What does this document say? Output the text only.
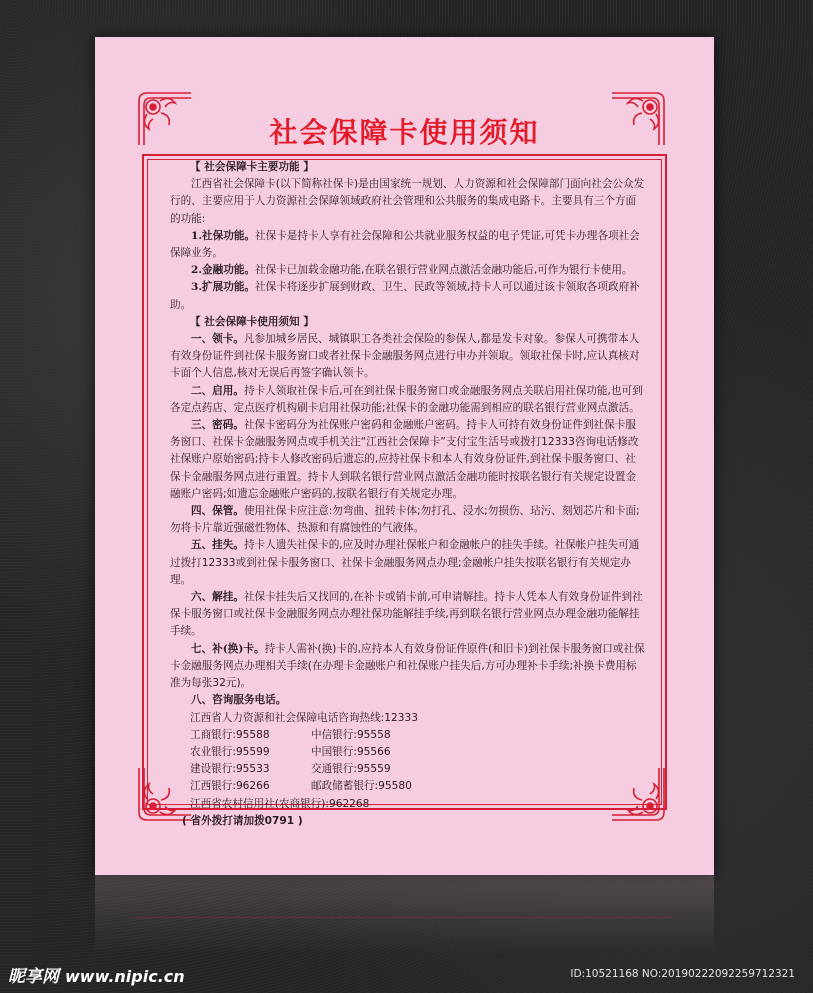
社会保障卡使用须知

【 社会保障卡主要功能 】

江西省社会保障卡(以下简称社保卡)是由国家统一规划、人力资源和社会保障部门面向社会公众发行的、主要应用于人力资源社会保障领域政府社会管理和公共服务的集成电路卡。主要具有三个方面的功能:

1.社保功能。社保卡是持卡人享有社会保障和公共就业服务权益的电子凭证,可凭卡办理各项社会保障业务。

2.金融功能。社保卡已加载金融功能,在联名银行营业网点激活金融功能后,可作为银行卡使用。

3.扩展功能。社保卡将逐步扩展到财政、卫生、民政等领域,持卡人可以通过该卡领取各项政府补助。

【 社会保障卡使用须知 】

一、领卡。凡参加城乡居民、城镇职工各类社会保险的参保人,都是发卡对象。参保人可携带本人有效身份证件到社保卡服务窗口或者社保卡金融服务网点进行申办并领取。领取社保卡时,应认真核对卡面个人信息,核对无误后再签字确认领卡。

二、启用。持卡人领取社保卡后,可在到社保卡服务窗口或金融服务网点关联启用社保功能,也可到各定点药店、定点医疗机构刷卡启用社保功能;社保卡的金融功能需到相应的联名银行营业网点激活。

三、密码。社保卡密码分为社保账户密码和金融账户密码。持卡人可持有效身份证件到社保卡服务窗口、社保卡金融服务网点或手机关注“江西社会保障卡”支付宝生活号或拨打12333咨询电话修改社保账户原始密码;持卡人修改密码后遗忘的,应持社保卡和本人有效身份证件,到社保卡服务窗口、社保卡金融服务网点进行重置。持卡人到联名银行营业网点激活金融功能时按联名银行有关规定设置金融账户密码;如遗忘金融账户密码的,按联名银行有关规定办理。

四、保管。使用社保卡应注意:勿弯曲、扭转卡体;勿打孔、浸水;勿损伤、玷污、刻划芯片和卡面;勿将卡片靠近强磁性物体、热源和有腐蚀性的气液体。

五、挂失。持卡人遗失社保卡的,应及时办理社保帐户和金融帐户的挂失手续。社保帐户挂失可通过拨打12333或到社保卡服务窗口、社保卡金融服务网点办理;金融帐户挂失按联名银行有关规定办理。

六、解挂。社保卡挂失后又找回的,在补卡或销卡前,可申请解挂。持卡人凭本人有效身份证件到社保卡服务窗口或社保卡金融服务网点办理社保功能解挂手续,再到联名银行营业网点办理金融功能解挂手续。

七、补(换)卡。持卡人需补(换)卡的,应持本人有效身份证件原件(和旧卡)到社保卡服务窗口或社保卡金融服务网点办理相关手续(在办理卡金融账户和社保账户挂失后,方可办理补卡手续;补换卡费用标准为每张32元)。

八、咨询服务电话。

江西省人力资源和社会保障电话咨询热线:12333

工商银行:95588	中信银行:95558

农业银行:95599	中国银行:95566

建设银行:95533	交通银行:95559

江西银行:96266	邮政储蓄银行:95580

江西省农村信用社(农商银行):962268

( 省外拨打请加拨0791 )

昵享网 www.nipic.cn	ID:10521168 NO:20190222092259712321
